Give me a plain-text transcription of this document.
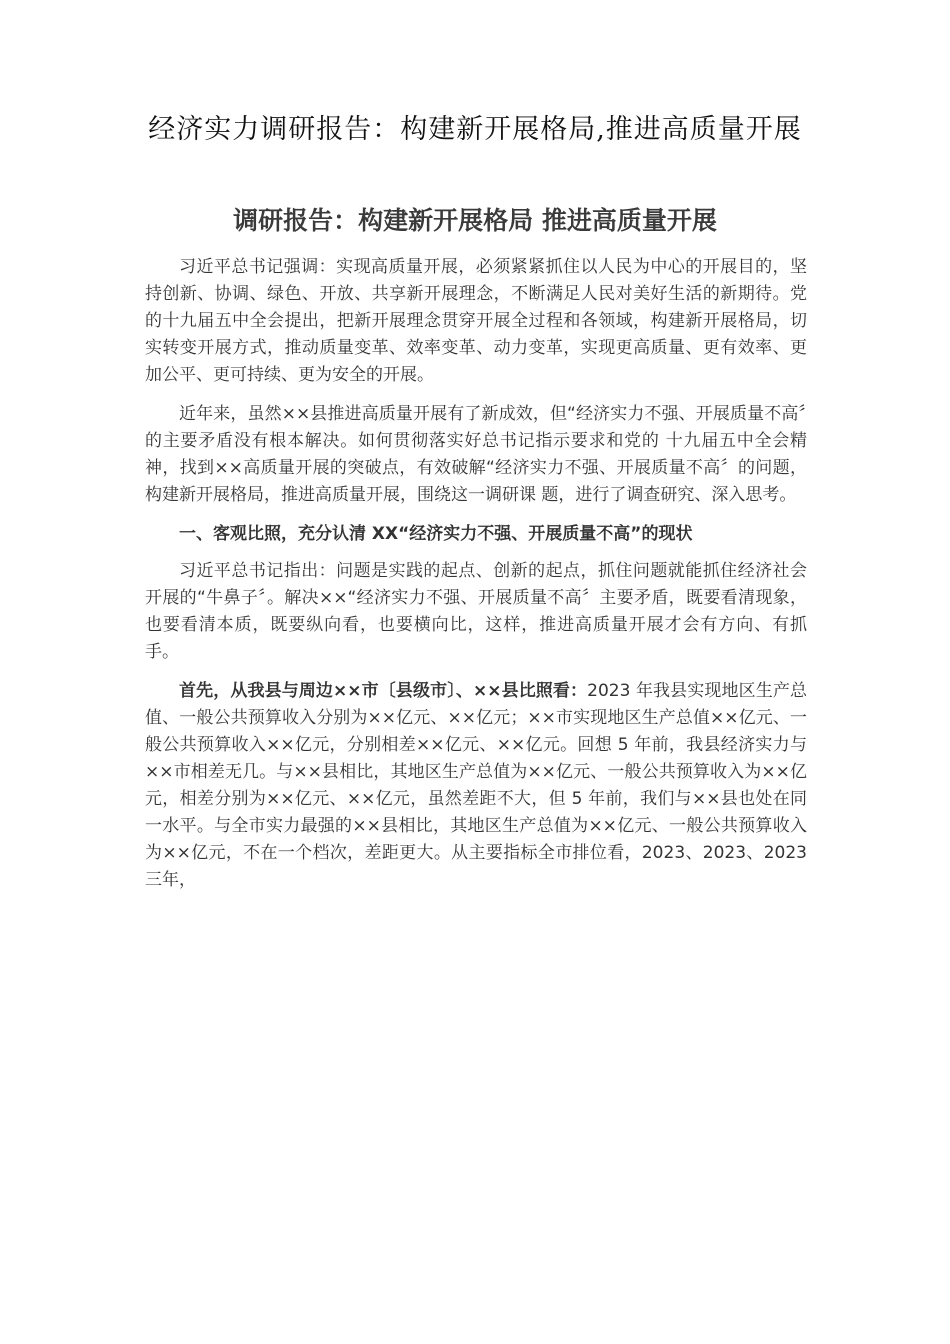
经济实力调研报告：构建新开展格局,推进高质量开展
调研报告：构建新开展格局 推进高质量开展

习近平总书记强调：实现高质量开展，必须紧紧抓住以人民为中心的开展目的，坚持创新、协调、绿色、开放、共享新开展理念，不断满足人民对美好生活的新期待。党的十九届五中全会提出，把新开展理念贯穿开展全过程和各领域，构建新开展格局，切实转变开展方式，推动质量变革、效率变革、动力变革，实现更高质量、更有效率、更加公平、更可持续、更为安全的开展。

近年来，虽然××县推进高质量开展有了新成效，但“经济实力不强、开展质量不高〞的主要矛盾没有根本解决。如何贯彻落实好总书记指示要求和党的 十九届五中全会精神，找到××高质量开展的突破点，有效破解“经济实力不强、开展质量不高〞的问题，构建新开展格局，推进高质量开展，围绕这一调研课 题，进行了调查研究、深入思考。

一、客观比照，充分认清 XX“经济实力不强、开展质量不高”的现状

习近平总书记指出：问题是实践的起点、创新的起点，抓住问题就能抓住经济社会开展的“牛鼻子〞。解决××“经济实力不强、开展质量不高〞主要矛盾，既要看清现象，也要看清本质，既要纵向看，也要横向比，这样，推进高质量开展才会有方向、有抓手。

首先，从我县与周边××市〔县级市〕、××县比照看：2023 年我县实现地区生产总值、一般公共预算收入分别为××亿元、××亿元；××市实现地区生产总值××亿元、一般公共预算收入××亿元，分别相差××亿元、××亿元。回想 5 年前，我县经济实力与××市相差无几。与××县相比，其地区生产总值为××亿元、一般公共预算收入为××亿元，相差分别为××亿元、××亿元，虽然差距不大，但 5 年前，我们与××县也处在同一水平。与全市实力最强的××县相比，其地区生产总值为××亿元、一般公共预算收入为××亿元，不在一个档次，差距更大。从主要指标全市排位看，2023、2023、2023 三年，
